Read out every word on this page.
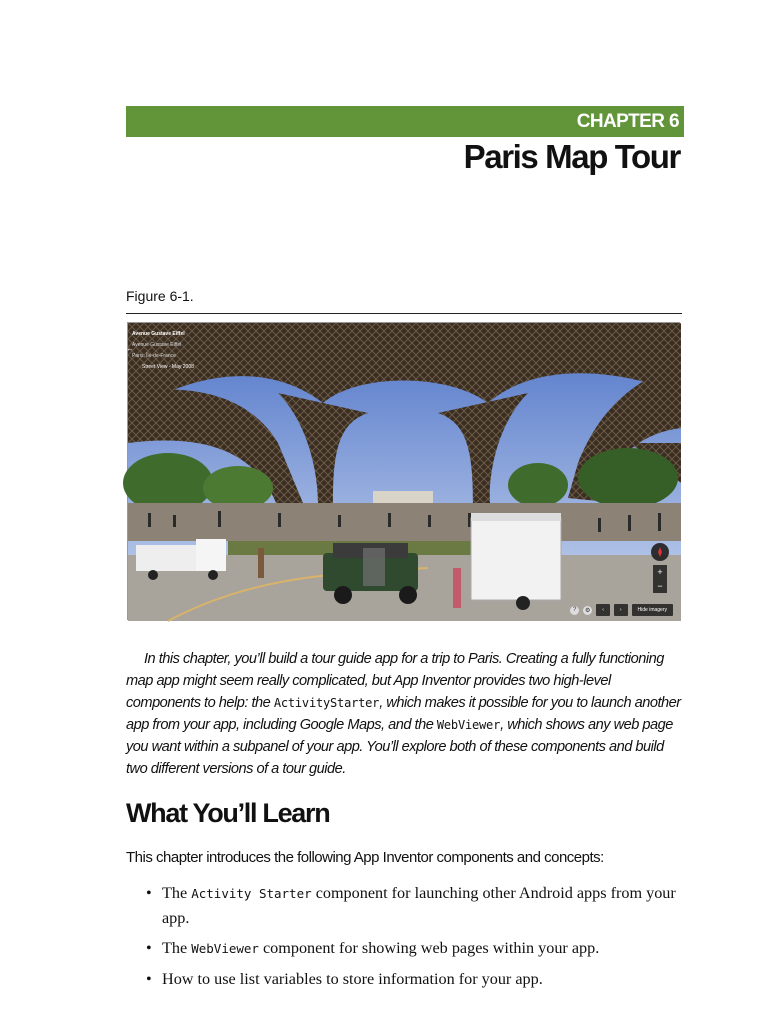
CHAPTER 6
Paris Map Tour
Figure 6-1.
Avenue Gustave Eiffel
Avenue Gustave Eiffel
Paris, Île-de-France
Street View - May 2008
←
+
−
?	⚙	‹	›	Hide imagery

In this chapter, you’ll build a tour guide app for a trip to Paris. Creating a fully functioning map app might seem really complicated, but App Inventor provides two high-level components to help: the ActivityStarter, which makes it possible for you to launch another app from your app, including Google Maps, and the WebViewer, which shows any web page you want within a subpanel of your app. You’ll explore both of these components and build two different versions of a tour guide.

What You’ll Learn
This chapter introduces the following App Inventor components and concepts:
• The Activity Starter component for launching other Android apps from your app.
• The WebViewer component for showing web pages within your app.
• How to use list variables to store information for your app.
